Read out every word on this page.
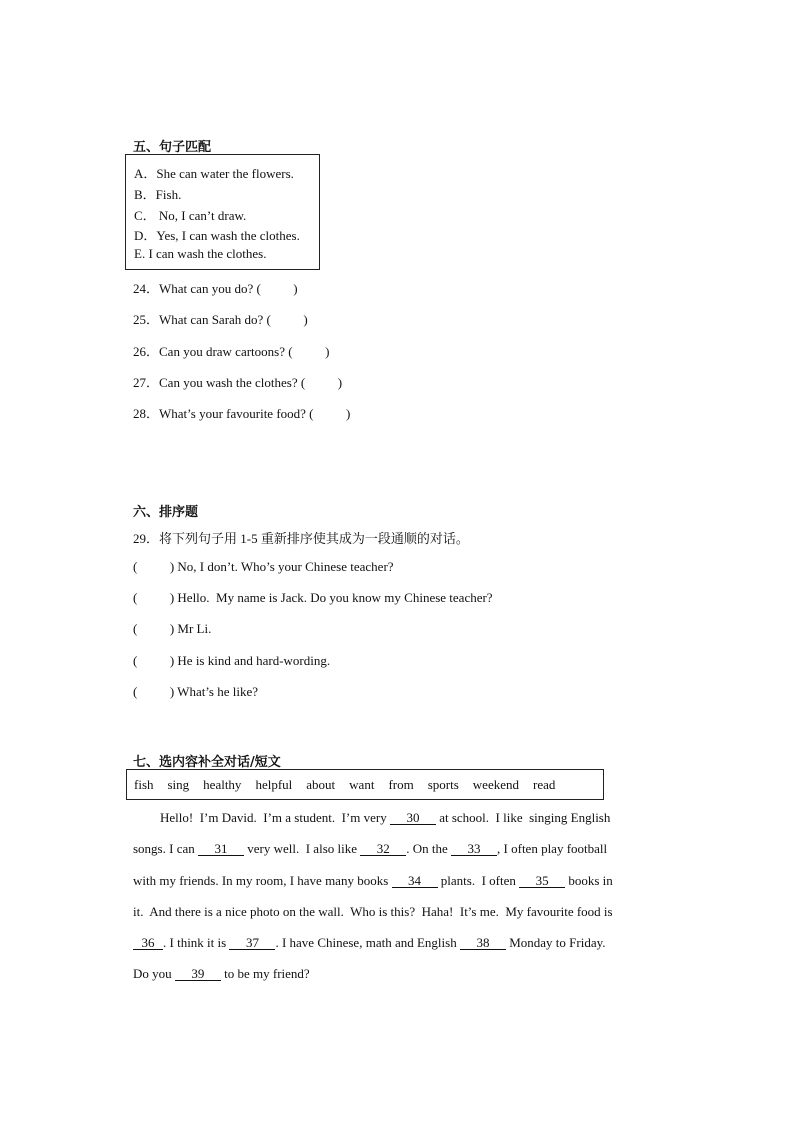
五、句子匹配
A．She can water the flowers.
B．Fish.
C． No, I can’t draw.
D．Yes, I can wash the clothes.
E. I can wash the clothes.
24．What can you do? (          )
25．What can Sarah do? (          )
26．Can you draw cartoons? (          )
27．Can you wash the clothes? (          )
28．What’s your favourite food? (          )
六、排序题
29．将下列句子用 1-5 重新排序使其成为一段通顺的对话。
(          ) No, I don’t. Who’s your Chinese teacher?
(          ) Hello.  My name is Jack. Do you know my Chinese teacher?
(          ) Mr Li.
(          ) He is kind and hard-wording.
(          ) What’s he like?
七、选内容补全对话/短文
fish sing healthy helpful about want from sports weekend read
Hello!  I’m David.  I’m a student.  I’m very 30 at school.  I like  singing English
songs. I can 31 very well.  I also like 32 . On the 33 , I often play football
with my friends. In my room, I have many books 34 plants.  I often 35 books in
it.  And there is a nice photo on the wall.  Who is this?  Haha!  It’s me.  My favourite food is
36 . I think it is 37 . I have Chinese, math and English 38 Monday to Friday.
Do you 39 to be my friend?
